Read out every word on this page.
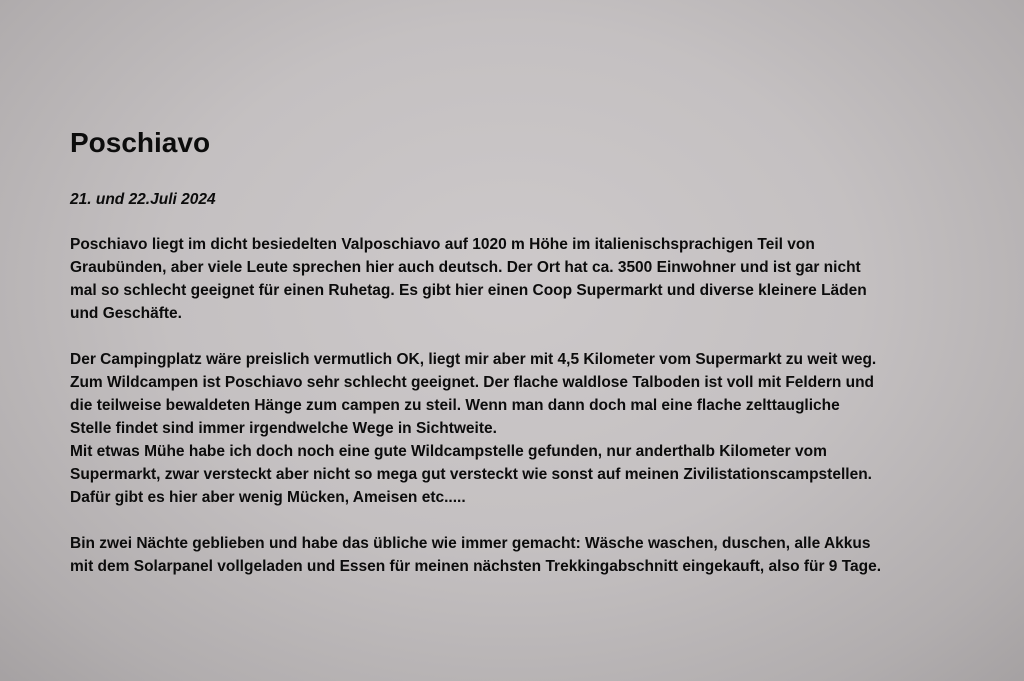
Poschiavo

21. und 22.Juli 2024

Poschiavo liegt im dicht besiedelten Valposchiavo auf 1020 m Höhe im italienischsprachigen Teil von
Graubünden, aber viele Leute sprechen hier auch deutsch. Der Ort hat ca. 3500 Einwohner und ist gar nicht
mal so schlecht geeignet für einen Ruhetag. Es gibt hier einen Coop Supermarkt und diverse kleinere Läden
und Geschäfte.

Der Campingplatz wäre preislich vermutlich OK, liegt mir aber mit 4,5 Kilometer vom Supermarkt zu weit weg.
Zum Wildcampen ist Poschiavo sehr schlecht geeignet. Der flache waldlose Talboden ist voll mit Feldern und
die teilweise bewaldeten Hänge zum campen zu steil. Wenn man dann doch mal eine flache zelttaugliche
Stelle findet sind immer irgendwelche Wege in Sichtweite.
Mit etwas Mühe habe ich doch noch eine gute Wildcampstelle gefunden, nur anderthalb Kilometer vom
Supermarkt, zwar versteckt aber nicht so mega gut versteckt wie sonst auf meinen Zivilistationscampstellen.
Dafür gibt es hier aber wenig Mücken, Ameisen etc.....

Bin zwei Nächte geblieben und habe das übliche wie immer gemacht: Wäsche waschen, duschen, alle Akkus
mit dem Solarpanel vollgeladen und Essen für meinen nächsten Trekkingabschnitt eingekauft, also für 9 Tage.
